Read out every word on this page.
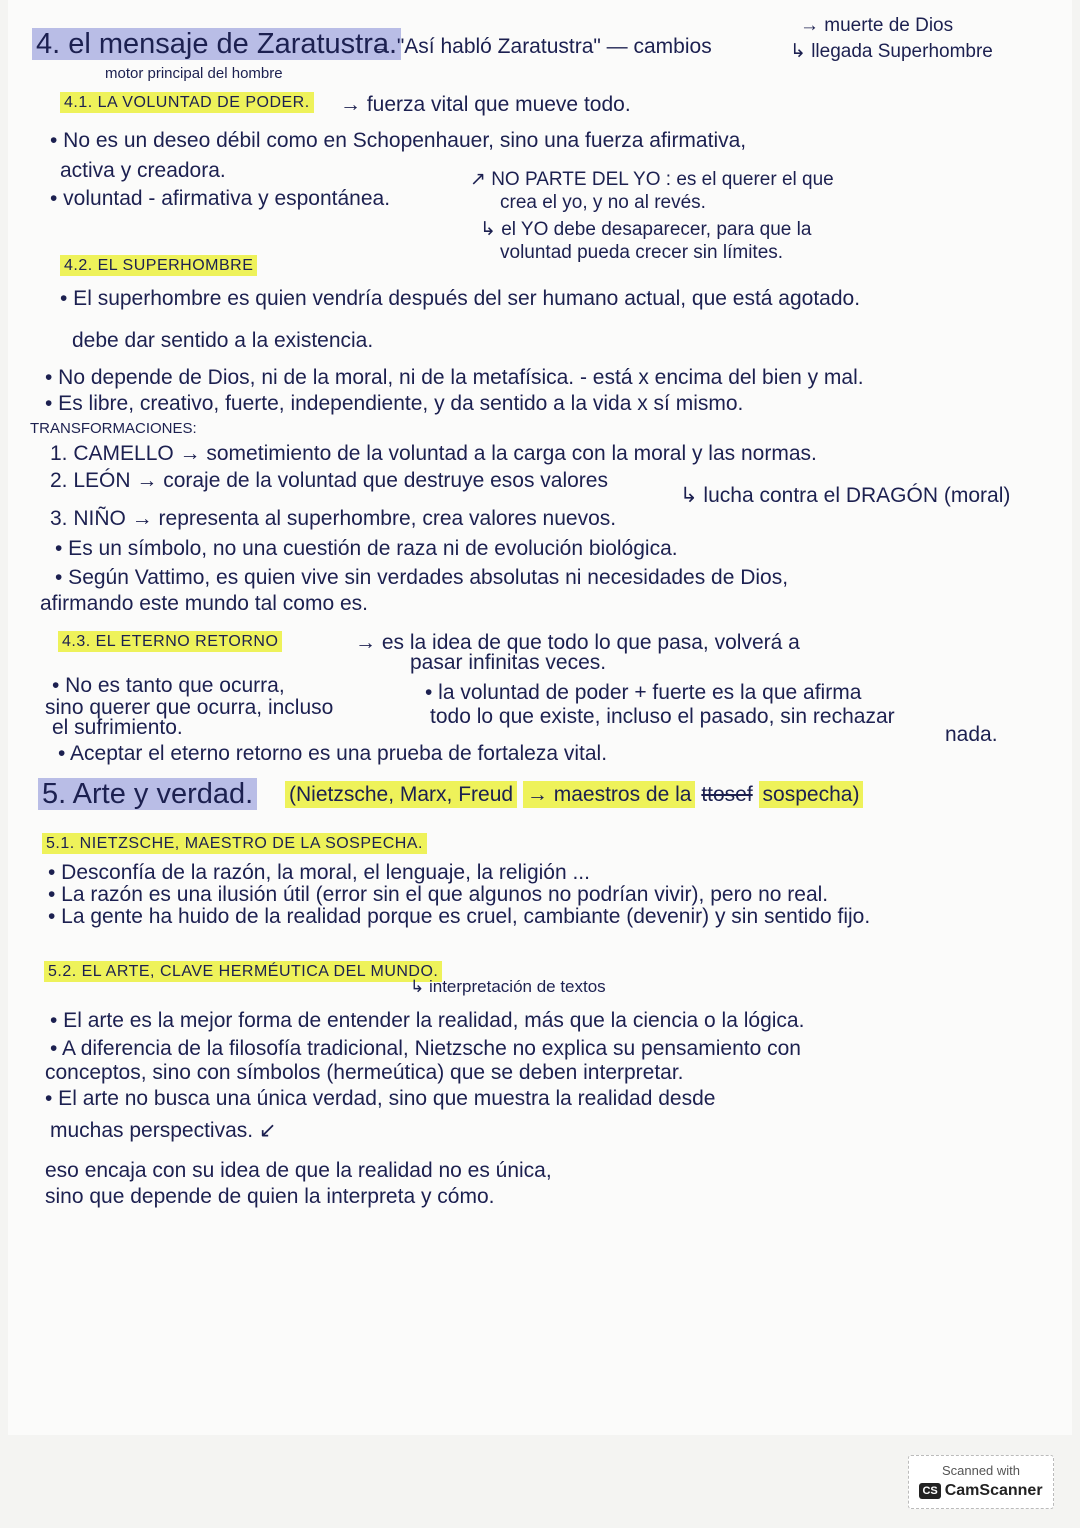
4. el mensaje de Zaratustra.
→ "Así habló Zaratustra" — cambios
→ muerte de Dios
↳ llegada Superhombre
motor principal del hombre
4.1. LA VOLUNTAD DE PODER. → fuerza vital que mueve todo.
• No es un deseo débil como en Schopenhauer, sino una fuerza afirmativa,
activa y creadora.
• voluntad - afirmativa y espontánea.
↗ NO PARTE DEL YO : es el querer el que
crea el yo, y no al revés.
↳ el YO debe desaparecer, para que la
voluntad pueda crecer sin límites.
4.2. EL SUPERHOMBRE
• El superhombre es quien vendría después del ser humano actual, que está agotado.
debe dar sentido a la existencia.
• No depende de Dios, ni de la moral, ni de la metafísica. - está x encima del bien y mal.
• Es libre, creativo, fuerte, independiente, y da sentido a la vida x sí mismo.
TRANSFORMACIONES:
1. CAMELLO → sometimiento de la voluntad a la carga con la moral y las normas.
2. LEÓN → coraje de la voluntad que destruye esos valores
↳ lucha contra el DRAGÓN (moral)
3. NIÑO → representa al superhombre, crea valores nuevos.
• Es un símbolo, no una cuestión de raza ni de evolución biológica.
• Según Vattimo, es quien vive sin verdades absolutas ni necesidades de Dios,
afirmando este mundo tal como es.
4.3. EL ETERNO RETORNO	→ es la idea de que todo lo que pasa, volverá a
pasar infinitas veces.
• No es tanto que ocurra,
sino querer que ocurra, incluso
el sufrimiento.
• la voluntad de poder + fuerte es la que afirma
todo lo que existe, incluso el pasado, sin rechazar
nada.
• Aceptar el eterno retorno es una prueba de fortaleza vital.
5. Arte y verdad. (Nietzsche, Marx, Freud → maestros de la ttosef sospecha)
5.1. NIETZSCHE, MAESTRO DE LA SOSPECHA.
• Desconfía de la razón, la moral, el lenguaje, la religión ...
• La razón es una ilusión útil (error sin el que algunos no podrían vivir), pero no real.
• La gente ha huido de la realidad porque es cruel, cambiante (devenir) y sin sentido fijo.
5.2. EL ARTE, CLAVE HERMÉUTICA DEL MUNDO.
↳ interpretación de textos
• El arte es la mejor forma de entender la realidad, más que la ciencia o la lógica.
• A diferencia de la filosofía tradicional, Nietzsche no explica su pensamiento con
conceptos, sino con símbolos (hermeútica) que se deben interpretar.
• El arte no busca una única verdad, sino que muestra la realidad desde
muchas perspectivas. ↙
eso encaja con su idea de que la realidad no es única,
sino que depende de quien la interpreta y cómo.
Scanned with
CS CamScanner
